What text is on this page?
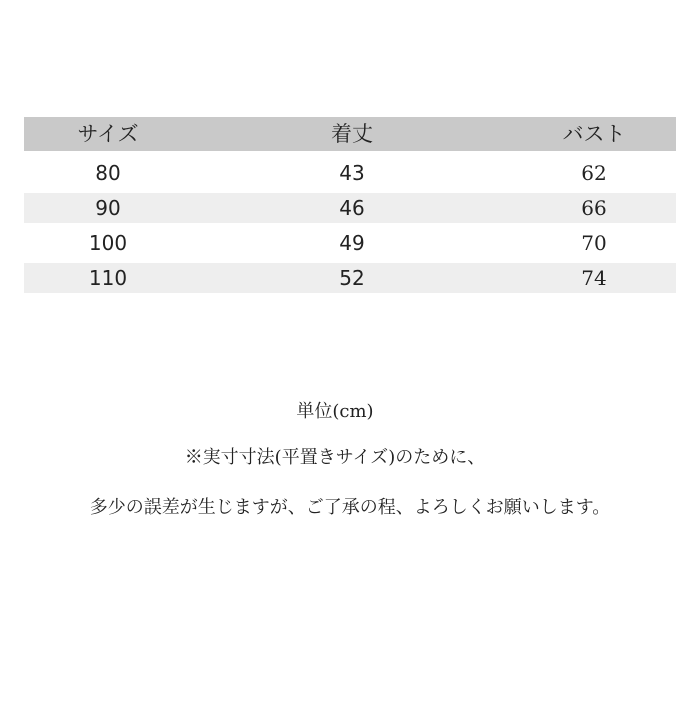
サイズ	着丈	バスト
80	43	62
90	46	66
100	49	70
110	52	74

単位(cm)

※実寸寸法(平置きサイズ)のために、

多少の誤差が生じますが、ご了承の程、よろしくお願いします。
